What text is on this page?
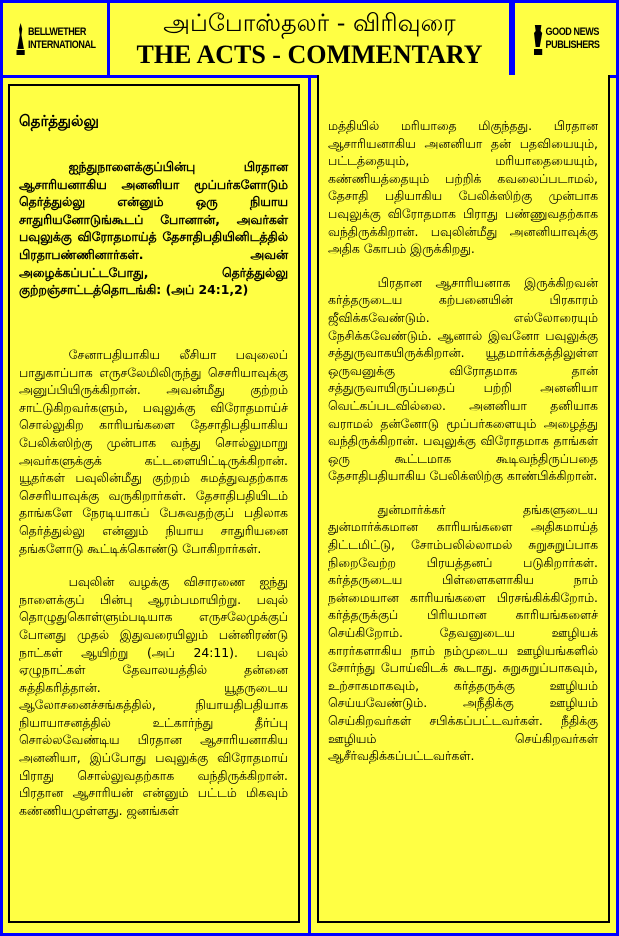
BELLWETHER
INTERNATIONAL
அப்போஸ்தலர் - விரிவுரை
THE ACTS - COMMENTARY
GOOD NEWS
PUBLISHERS
தெர்த்துல்லு

ஐந்துநாளைக்குப்பின்பு பிரதான ஆசாரியனாகிய அனனியா மூப்பர்களோடும் தெர்த்துல்லு என்னும் ஒரு நியாய சாதுரியனோடுங்கூடப் போனான், அவர்கள் பவுலுக்கு விரோதமாய்த் தேசாதிபதியினிடத்தில் பிரதாபண்ணினார்கள். அவன் அழைக்கப்பட்டபோது, தெர்த்துல்லு குற்றஞ்சாட்டத்தொடங்கி: (அப் 24:1,2)

சேனாபதியாகிய லீசியா பவுலைப் பாதுகாப்பாக எருசலேமிலிருந்து செசரியாவுக்கு அனுப்பியிருக்கிறான். அவன்மீது குற்றம் சாட்டுகிறவர்களும், பவுலுக்கு விரோதமாய்ச் சொல்லுகிற காரியங்களை தேசாதிபதியாகிய பேலிக்ஸிற்கு முன்பாக வந்து சொல்லுமாறு அவர்களுக்குக் கட்டளையிட்டிருக்கிறான். யூதர்கள் பவுலின்மீது குற்றம் சுமத்துவதற்காக செசரியாவுக்கு வருகிறார்கள். தேசாதிபதியிடம் தாங்களே நேரடியாகப் பேசுவதற்குப் பதிலாக தெர்த்துல்லு என்னும் நியாய சாதுரியனை தங்களோடு கூட்டிக்கொண்டு போகிறார்கள்.

பவுலின் வழக்கு விசாரணை ஐந்து நாளைக்குப் பின்பு ஆரம்பமாயிற்று. பவுல் தொழுதுகொள்ளும்படியாக எருசலேமுக்குப் போனது முதல் இதுவரையிலும் பன்னிரண்டு நாட்கள் ஆயிற்று (அப் 24:11). பவுல் ஏழுநாட்கள் தேவாலயத்தில் தன்னை சுத்திகரித்தான். யூதருடைய ஆலோசனைச்சங்கத்தில், நியாயதிபதியாக நியாயாசனத்தில் உட்கார்ந்து தீர்ப்பு சொல்லவேண்டிய பிரதான ஆசாரியனாகிய அனனியா, இப்போது பவுலுக்கு விரோதமாய் பிராது சொல்லுவதற்காக வந்திருக்கிறான். பிரதான ஆசாரியன் என்னும் பட்டம் மிகவும் கண்ணியமுள்ளது. ஜனங்கள்

மத்தியில் மரியாதை மிகுந்தது. பிரதான ஆசாரியனாகிய அனனியா தன் பதவியையும், பட்டத்தையும், மரியாதையையும், கண்ணியத்தையும் பற்றிக் கவலைப்படாமல், தேசாதி பதியாகிய பேலிக்ஸிற்கு முன்பாக பவுலுக்கு விரோதமாக பிராது பண்ணுவதற்காக வந்திருக்கிறான். பவுலின்மீது அனனியாவுக்கு அதிக கோபம் இருக்கிறது.

பிரதான ஆசாரியனாக இருக்கிறவன் கர்த்தருடைய கற்பனையின் பிரகாரம் ஜீவிக்கவேண்டும். எல்லோரையும் நேசிக்கவேண்டும். ஆனால் இவனோ பவுலுக்கு சத்துருவாகயிருக்கிறான். யூதமார்க்கத்திலுள்ள ஒருவனுக்கு விரோதமாக தான் சத்துருவாயிருப்பதைப் பற்றி அனனியா வெட்கப்படவில்லை. அனனியா தனியாக வராமல் தன்னோடு மூப்பர்களையும் அழைத்து வந்திருக்கிறான். பவுலுக்கு விரோதமாக தாங்கள் ஒரு கூட்டமாக கூடிவந்திருப்பதை தேசாதிபதியாகிய பேலிக்ஸிற்கு காண்பிக்கிறான்.

துன்மார்க்கர் தங்களுடைய துன்மார்க்கமான காரியங்களை அதிகமாய்த் திட்டமிட்டு, சோம்பலில்லாமல் சுறுசுறுப்பாக நிறைவேற்ற பிரயத்தனப் படுகிறார்கள். கர்த்தருடைய பிள்ளைகளாகிய நாம் நன்மையான காரியங்களை பிரசங்கிக்கிறோம். கர்த்தருக்குப் பிரியமான காரியங்களைச் செய்கிறோம். தேவனுடைய ஊழியக் காரர்களாகிய நாம் நம்முடைய ஊழியங்களில் சோர்ந்து போய்விடக் கூடாது. சுறுசுறுப்பாகவும், உற்சாகமாகவும், கர்த்தருக்கு ஊழியம் செய்யவேண்டும். அநீதிக்கு ஊழியம் செய்கிறவர்கள் சபிக்கப்பட்டவர்கள். நீதிக்கு ஊழியம் செய்கிறவர்கள் ஆசீர்வதிக்கப்பட்டவர்கள்.
